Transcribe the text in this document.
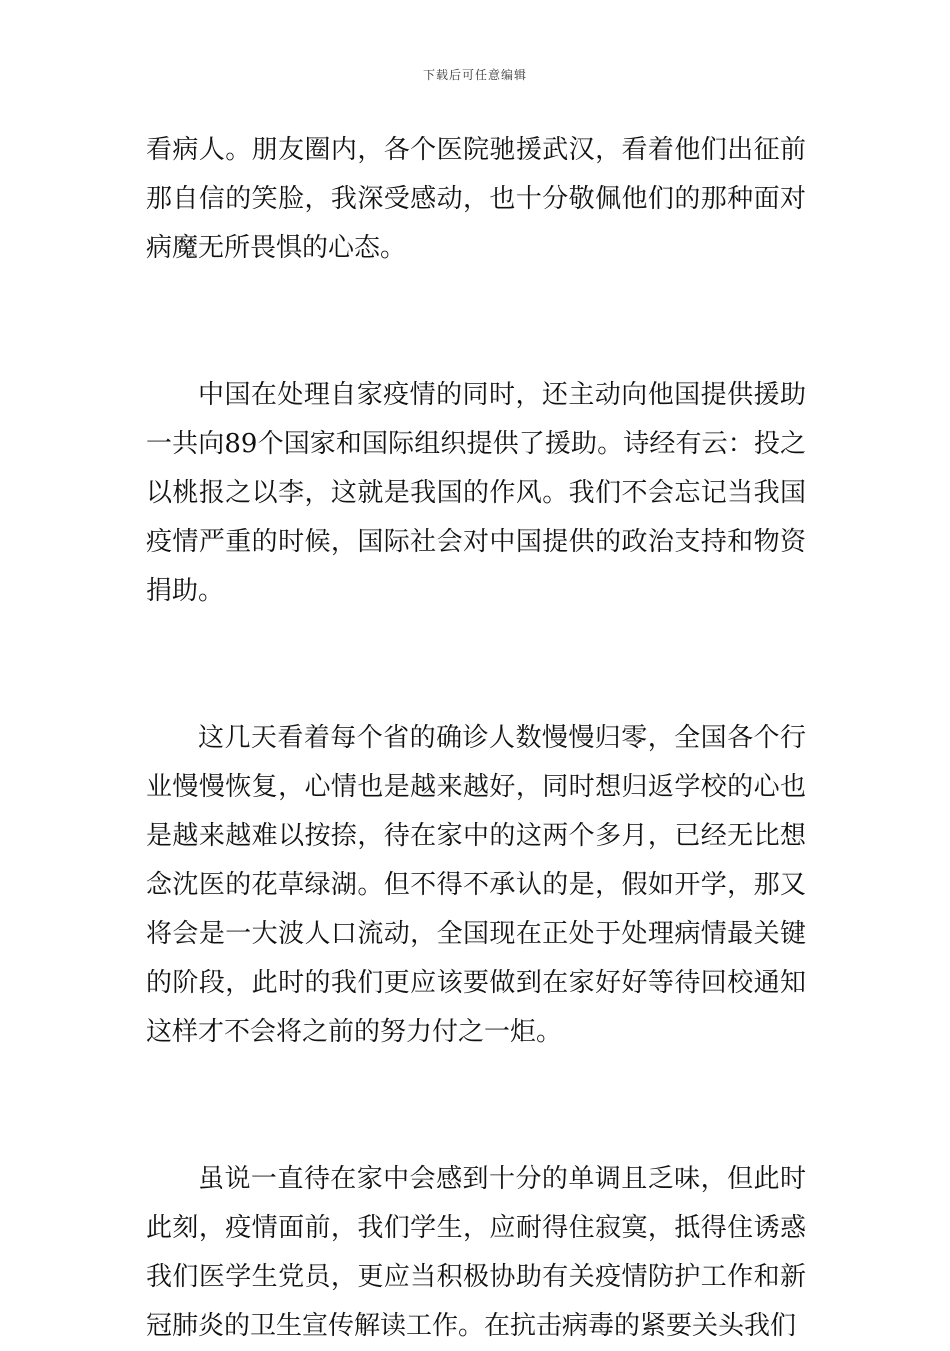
下载后可任意编辑

看病人。朋友圈内，各个医院驰援武汉，看着他们出征前那自信的笑脸，我深受感动，也十分敬佩他们的那种面对病魔无所畏惧的心态。

中国在处理自家疫情的同时，还主动向他国提供援助一共向89个国家和国际组织提供了援助。诗经有云：投之以桃报之以李，这就是我国的作风。我们不会忘记当我国疫情严重的时候，国际社会对中国提供的政治支持和物资捐助。

这几天看着每个省的确诊人数慢慢归零，全国各个行业慢慢恢复，心情也是越来越好，同时想归返学校的心也是越来越难以按捺，待在家中的这两个多月，已经无比想念沈医的花草绿湖。但不得不承认的是，假如开学，那又将会是一大波人口流动，全国现在正处于处理病情最关键的阶段，此时的我们更应该要做到在家好好等待回校通知这样才不会将之前的努力付之一炬。

虽说一直待在家中会感到十分的单调且乏味，但此时此刻，疫情面前，我们学生，应耐得住寂寞，抵得住诱惑我们医学生党员，更应当积极协助有关疫情防护工作和新冠肺炎的卫生宣传解读工作。在抗击病毒的紧要关头我们
